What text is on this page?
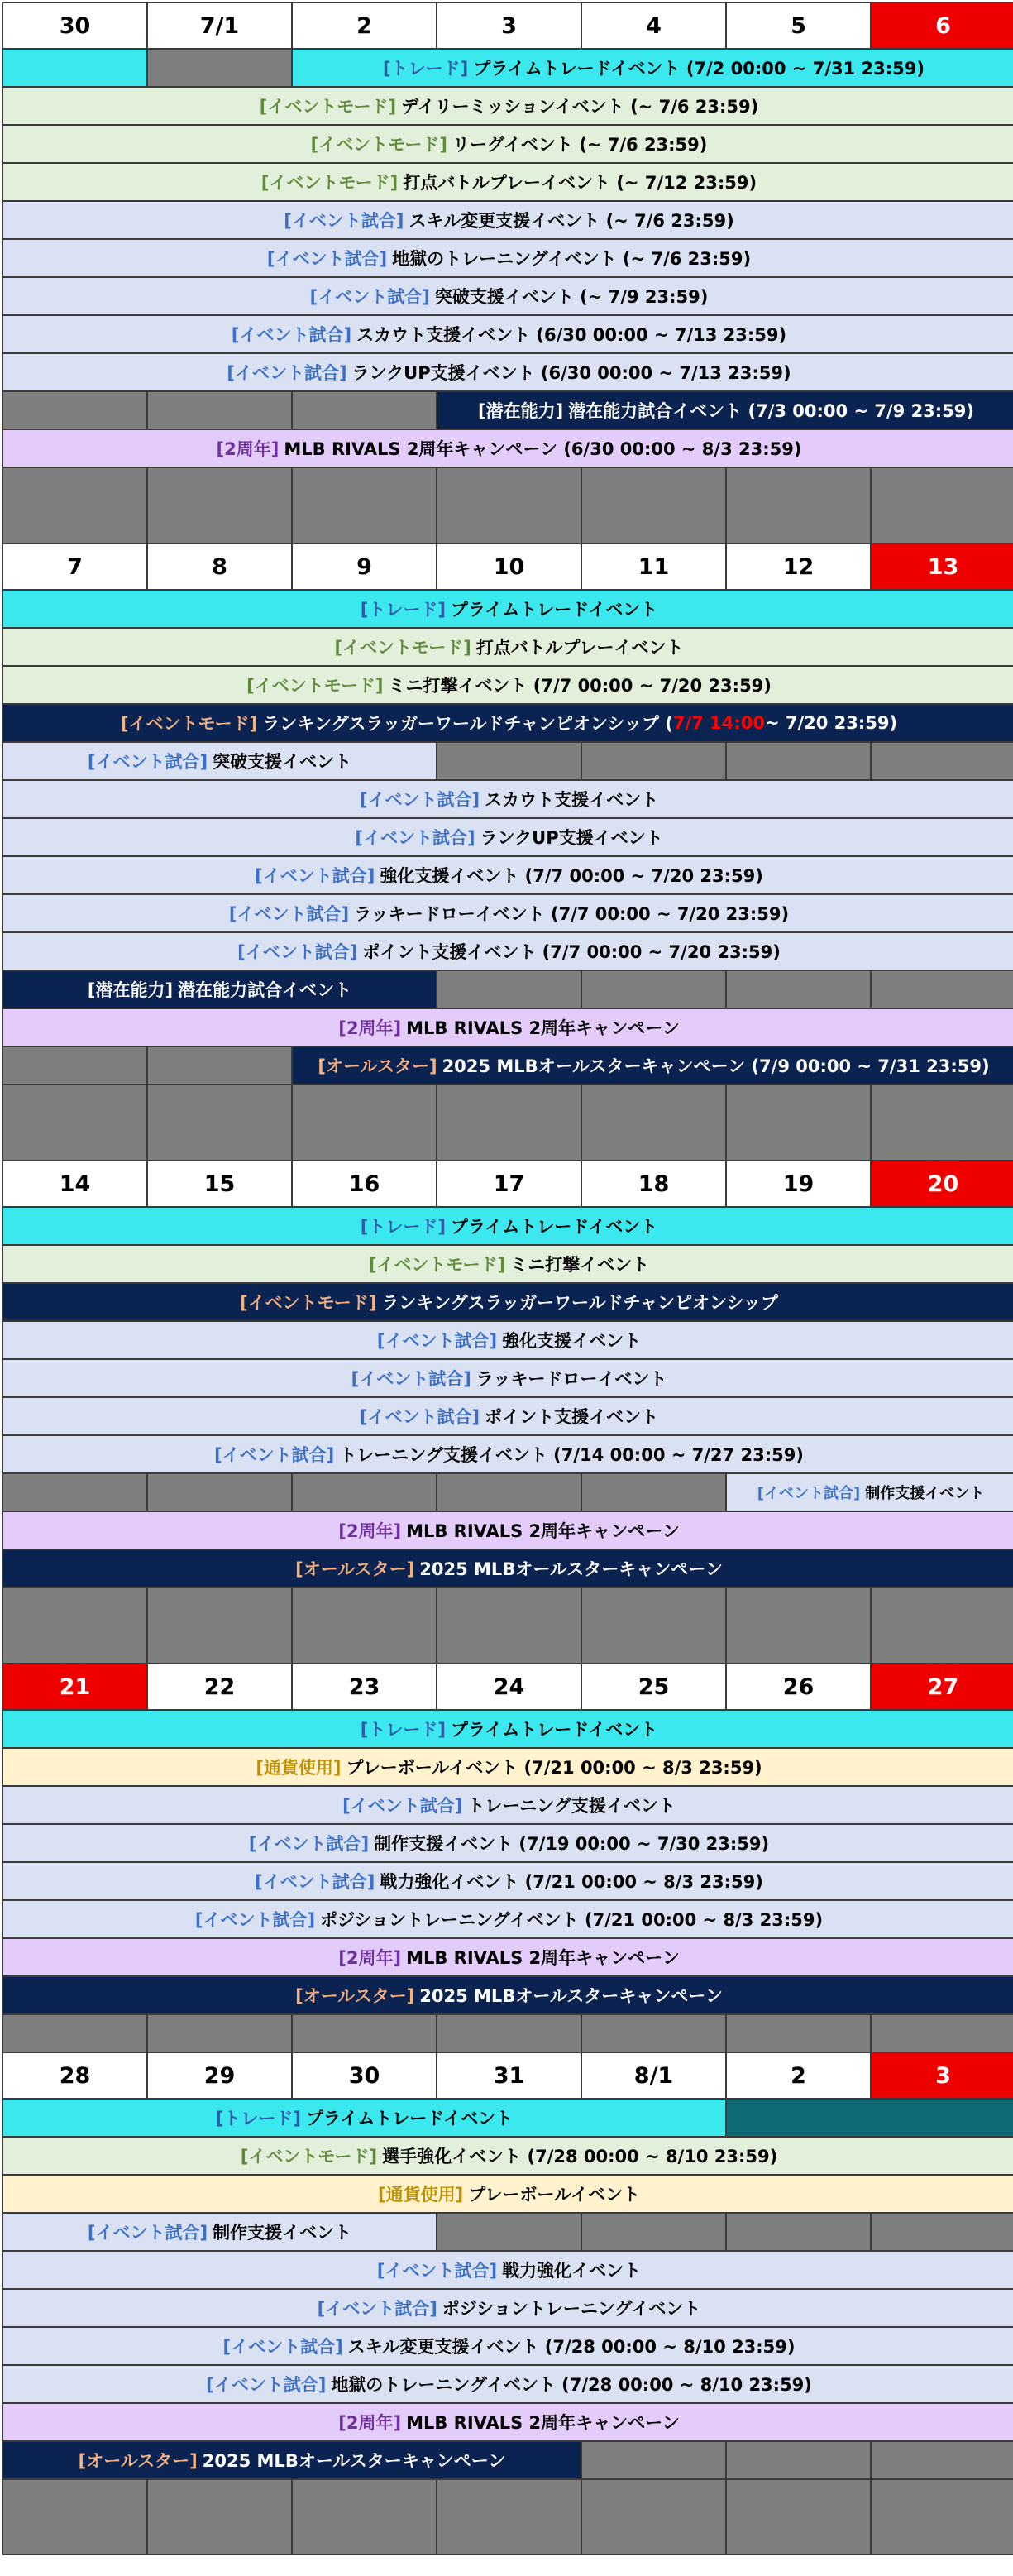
30	7/1	2	3	4	5	6
[トレード] プライムトレードイベント (7/2 00:00 ~ 7/31 23:59)
[イベントモード] デイリーミッションイベント (~ 7/6 23:59)
[イベントモード] リーグイベント (~ 7/6 23:59)
[イベントモード] 打点バトルプレーイベント (~ 7/12 23:59)
[イベント試合] スキル変更支援イベント (~ 7/6 23:59)
[イベント試合] 地獄のトレーニングイベント (~ 7/6 23:59)
[イベント試合] 突破支援イベント (~ 7/9 23:59)
[イベント試合] スカウト支援イベント (6/30 00:00 ~ 7/13 23:59)
[イベント試合] ランクUP支援イベント (6/30 00:00 ~ 7/13 23:59)
[潜在能力] 潜在能力試合イベント (7/3 00:00 ~ 7/9 23:59)
[2周年] MLB RIVALS 2周年キャンペーン (6/30 00:00 ~ 8/3 23:59)
7	8	9	10	11	12	13
[トレード] プライムトレードイベント
[イベントモード] 打点バトルプレーイベント
[イベントモード] ミニ打撃イベント (7/7 00:00 ~ 7/20 23:59)
[イベントモード] ランキングスラッガーワールドチャンピオンシップ ( 7/7 14:00 ~ 7/20 23:59)
[イベント試合] 突破支援イベント
[イベント試合] スカウト支援イベント
[イベント試合] ランクUP支援イベント
[イベント試合] 強化支援イベント (7/7 00:00 ~ 7/20 23:59)
[イベント試合] ラッキードローイベント (7/7 00:00 ~ 7/20 23:59)
[イベント試合] ポイント支援イベント (7/7 00:00 ~ 7/20 23:59)
[潜在能力] 潜在能力試合イベント
[2周年] MLB RIVALS 2周年キャンペーン
[オールスター] 2025 MLBオールスターキャンペーン (7/9 00:00 ~ 7/31 23:59)
14	15	16	17	18	19	20
[トレード] プライムトレードイベント
[イベントモード] ミニ打撃イベント
[イベントモード] ランキングスラッガーワールドチャンピオンシップ
[イベント試合] 強化支援イベント
[イベント試合] ラッキードローイベント
[イベント試合] ポイント支援イベント
[イベント試合] トレーニング支援イベント (7/14 00:00 ~ 7/27 23:59)
[イベント試合] 制作支援イベント
[2周年] MLB RIVALS 2周年キャンペーン
[オールスター] 2025 MLBオールスターキャンペーン
21	22	23	24	25	26	27
[トレード] プライムトレードイベント
[通貨使用] プレーボールイベント (7/21 00:00 ~ 8/3 23:59)
[イベント試合] トレーニング支援イベント
[イベント試合] 制作支援イベント (7/19 00:00 ~ 7/30 23:59)
[イベント試合] 戦力強化イベント (7/21 00:00 ~ 8/3 23:59)
[イベント試合] ポジショントレーニングイベント (7/21 00:00 ~ 8/3 23:59)
[2周年] MLB RIVALS 2周年キャンペーン
[オールスター] 2025 MLBオールスターキャンペーン
28	29	30	31	8/1	2	3
[トレード] プライムトレードイベント
[イベントモード] 選手強化イベント (7/28 00:00 ~ 8/10 23:59)
[通貨使用] プレーボールイベント
[イベント試合] 制作支援イベント
[イベント試合] 戦力強化イベント
[イベント試合] ポジショントレーニングイベント
[イベント試合] スキル変更支援イベント (7/28 00:00 ~ 8/10 23:59)
[イベント試合] 地獄のトレーニングイベント (7/28 00:00 ~ 8/10 23:59)
[2周年] MLB RIVALS 2周年キャンペーン
[オールスター] 2025 MLBオールスターキャンペーン
